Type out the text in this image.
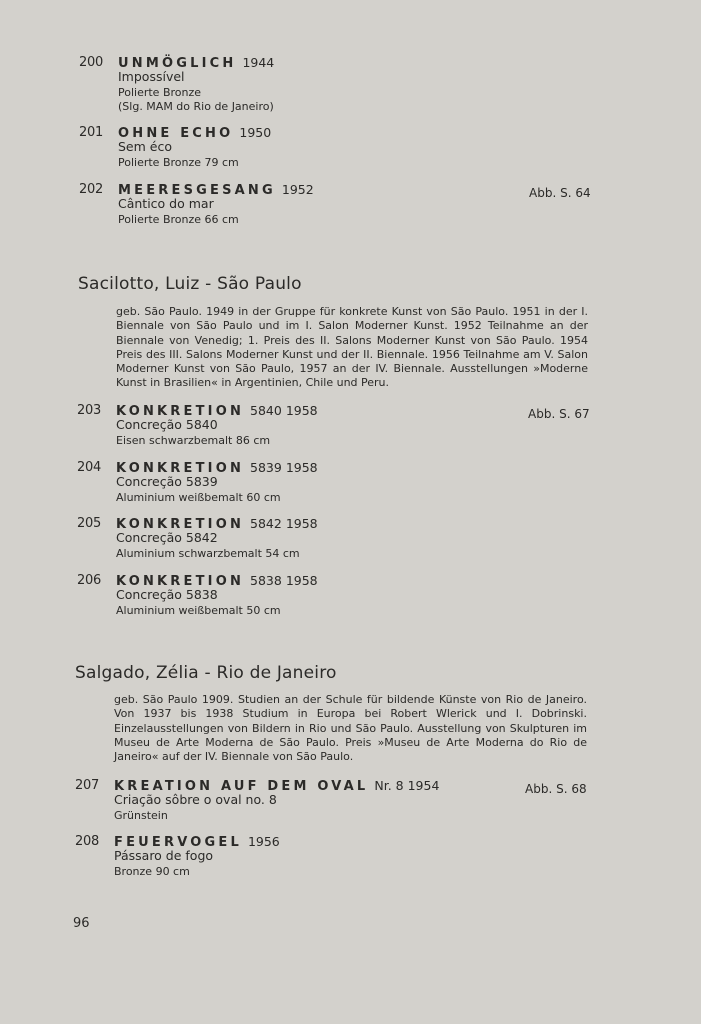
200	UNMÖGLICH 1944
Impossível
Polierte Bronze
(Slg. MAM do Rio de Janeiro)
201	OHNE ECHO 1950
Sem éco
Polierte Bronze 79 cm
202	MEERESGESANG 1952	Abb. S. 64
Cântico do mar
Polierte Bronze 66 cm
Sacilotto, Luiz - São Paulo
geb. São Paulo. 1949 in der Gruppe für konkrete Kunst von São Paulo. 1951 in der I. Biennale von São Paulo und im I. Salon Moderner Kunst. 1952 Teilnahme an der Biennale von Venedig; 1. Preis des II. Salons Moderner Kunst von São Paulo. 1954 Preis des III. Salons Moderner Kunst und der II. Biennale. 1956 Teilnahme am V. Salon Moderner Kunst von São Paulo, 1957 an der IV. Biennale. Ausstellungen »Moderne Kunst in Brasilien« in Argentinien, Chile und Peru.
203	KONKRETION 5840 1958	Abb. S. 67
Concreção 5840
Eisen schwarzbemalt 86 cm
204	KONKRETION 5839 1958
Concreção 5839
Aluminium weißbemalt 60 cm
205	KONKRETION 5842 1958
Concreção 5842
Aluminium schwarzbemalt 54 cm
206	KONKRETION 5838 1958
Concreção 5838
Aluminium weißbemalt 50 cm
Salgado, Zélia - Rio de Janeiro
geb. São Paulo 1909. Studien an der Schule für bildende Künste von Rio de Janeiro. Von 1937 bis 1938 Studium in Europa bei Robert Wlerick und I. Dobrinski. Einzelausstellungen von Bildern in Rio und São Paulo. Ausstellung von Skulpturen im Museu de Arte Moderna de São Paulo. Preis »Museu de Arte Moderna do Rio de Janeiro« auf der IV. Biennale von São Paulo.
207	KREATION AUF DEM OVAL Nr. 8 1954	Abb. S. 68
Criação sôbre o oval no. 8
Grünstein
208	FEUERVOGEL 1956
Pássaro de fogo
Bronze 90 cm
96
